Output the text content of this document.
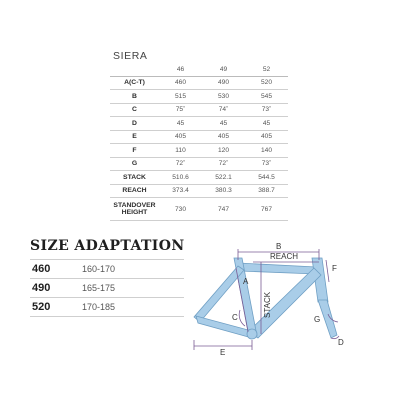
SIERA
	46	49	52
A(C-T)	460	490	520
B	515	530	545
C	75˚	74˚	73˚
D	45	45	45
E	405	405	405
F	110	120	140
G	72˚	72˚	73˚
STACK	510.6	522.1	544.5
REACH	373.4	380.3	388.7
STANDOVER HEIGHT	730	747	767
SIZE ADAPTATION
460	160-170
490	165-175
520	170-185
B
REACH
F
A
STACK
C	G
D
E
